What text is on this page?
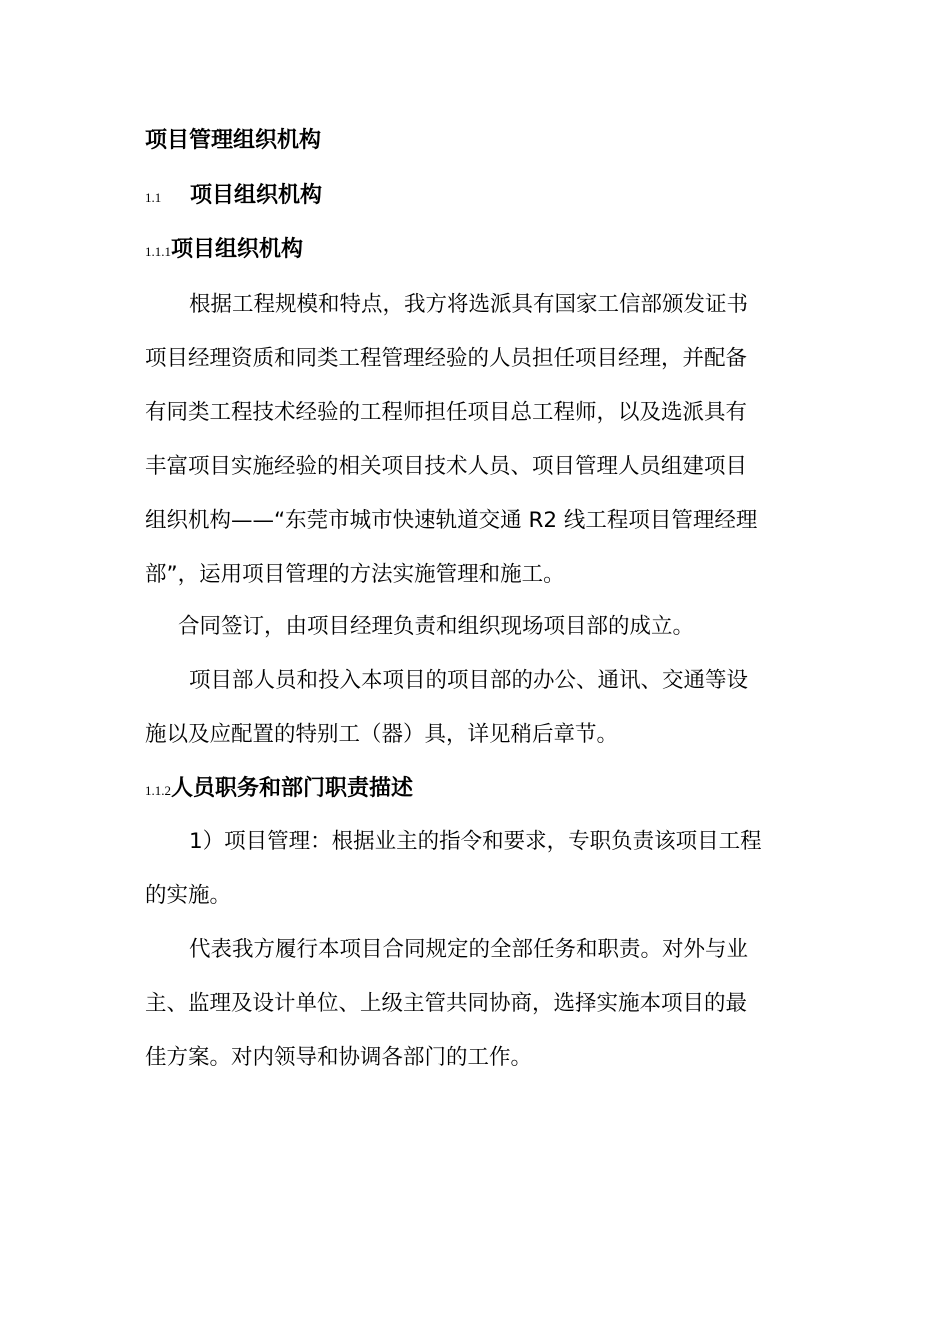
项目管理组织机构
1.1 项目组织机构
1.1.1项目组织机构
根据工程规模和特点，我方将选派具有国家工信部颁发证书
项目经理资质和同类工程管理经验的人员担任项目经理，并配备
有同类工程技术经验的工程师担任项目总工程师，以及选派具有
丰富项目实施经验的相关项目技术人员、项目管理人员组建项目
组织机构——“东莞市城市快速轨道交通 R2 线工程项目管理经理
部”，运用项目管理的方法实施管理和施工。
合同签订，由项目经理负责和组织现场项目部的成立。
项目部人员和投入本项目的项目部的办公、通讯、交通等设
施以及应配置的特别工（器）具，详见稍后章节。
1.1.2人员职务和部门职责描述
1）项目管理：根据业主的指令和要求，专职负责该项目工程
的实施。
代表我方履行本项目合同规定的全部任务和职责。对外与业
主、监理及设计单位、上级主管共同协商，选择实施本项目的最
佳方案。对内领导和协调各部门的工作。
